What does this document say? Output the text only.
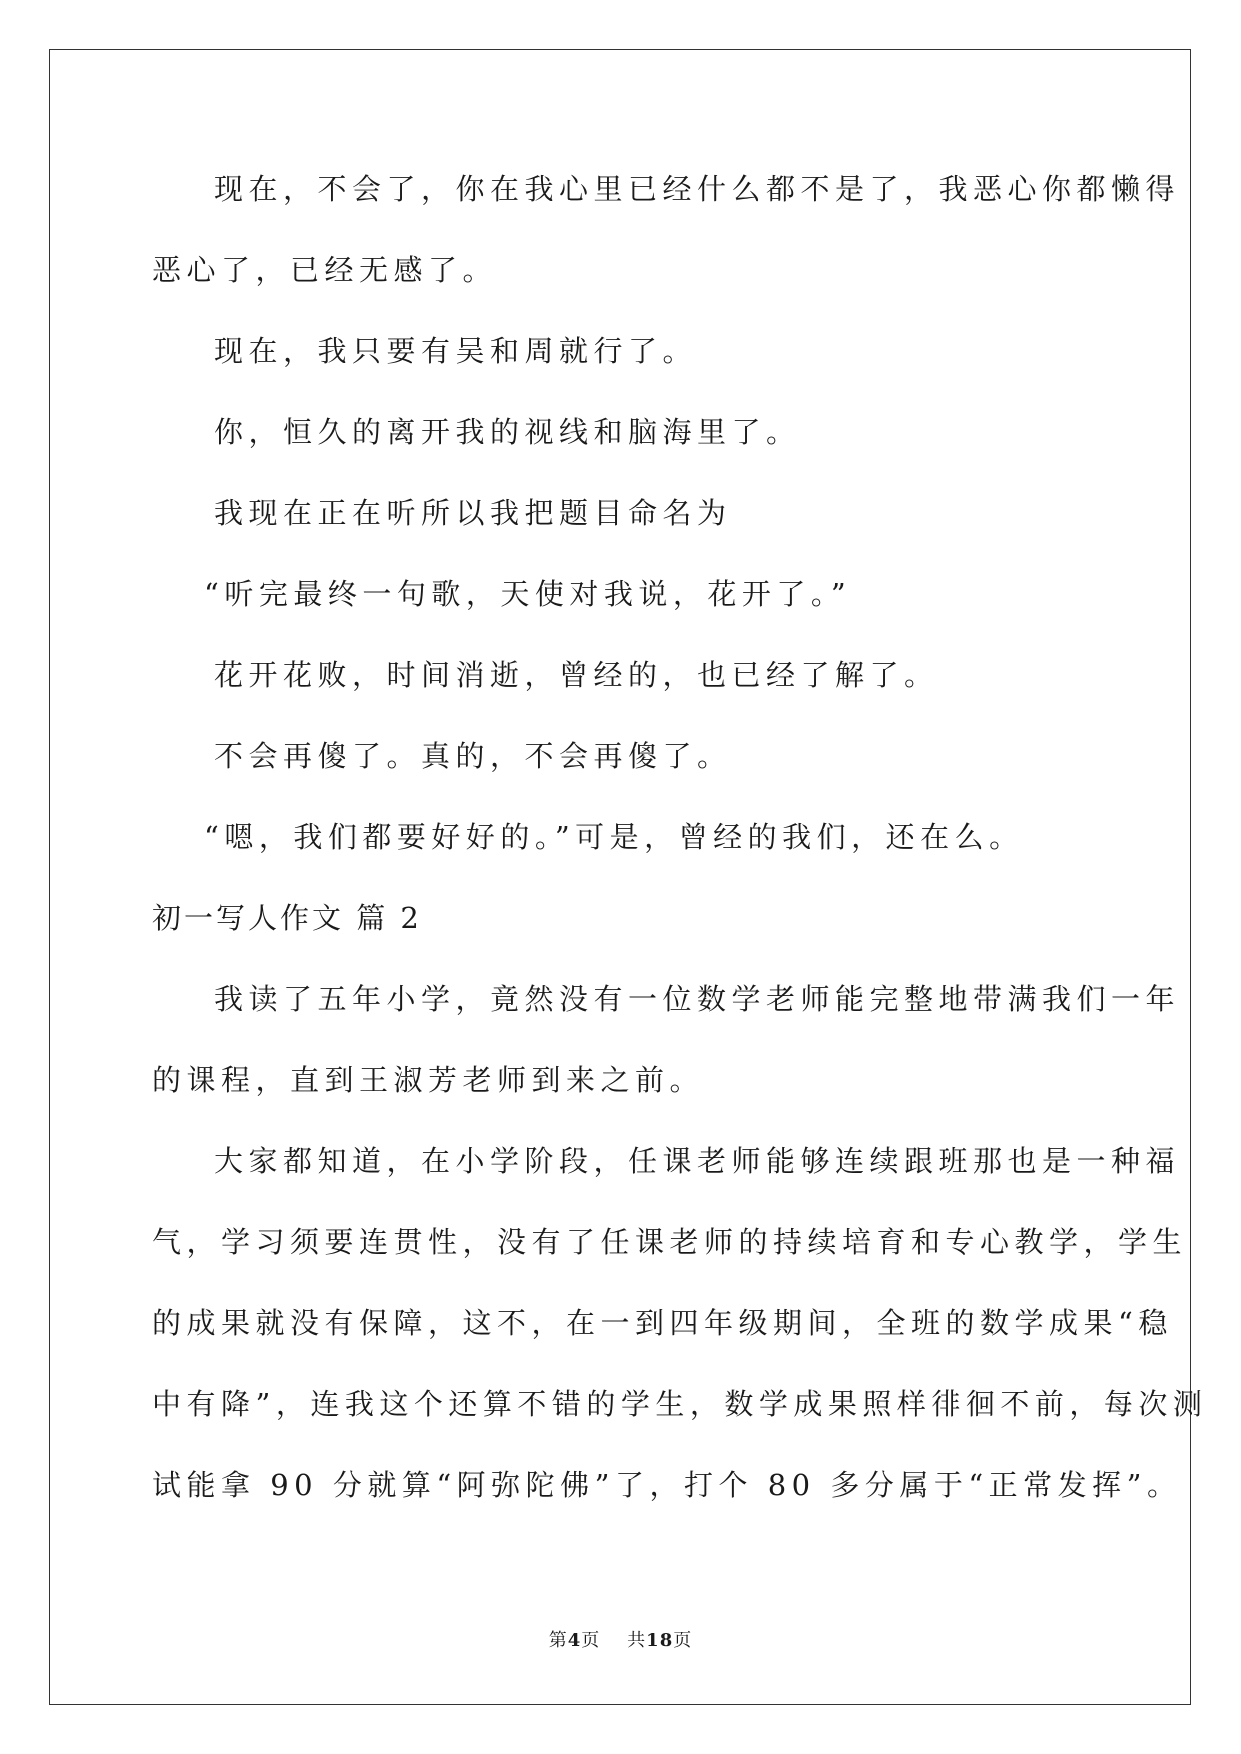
现在，不会了，你在我心里已经什么都不是了，我恶心你都懒得
恶心了，已经无感了。
现在，我只要有吴和周就行了。
你，恒久的离开我的视线和脑海里了。
我现在正在听所以我把题目命名为
“听完最终一句歌，天使对我说，花开了。”
花开花败，时间消逝，曾经的，也已经了解了。
不会再傻了。真的，不会再傻了。
“嗯，我们都要好好的。”可是，曾经的我们，还在么。
初一写人作文 篇 2
我读了五年小学，竟然没有一位数学老师能完整地带满我们一年
的课程，直到王淑芳老师到来之前。
大家都知道，在小学阶段，任课老师能够连续跟班那也是一种福
气，学习须要连贯性，没有了任课老师的持续培育和专心教学，学生
的成果就没有保障，这不，在一到四年级期间，全班的数学成果“稳
中有降”，连我这个还算不错的学生，数学成果照样徘徊不前，每次测
试能拿 90 分就算“阿弥陀佛”了，打个 80 多分属于“正常发挥”。
第4页    共18页
